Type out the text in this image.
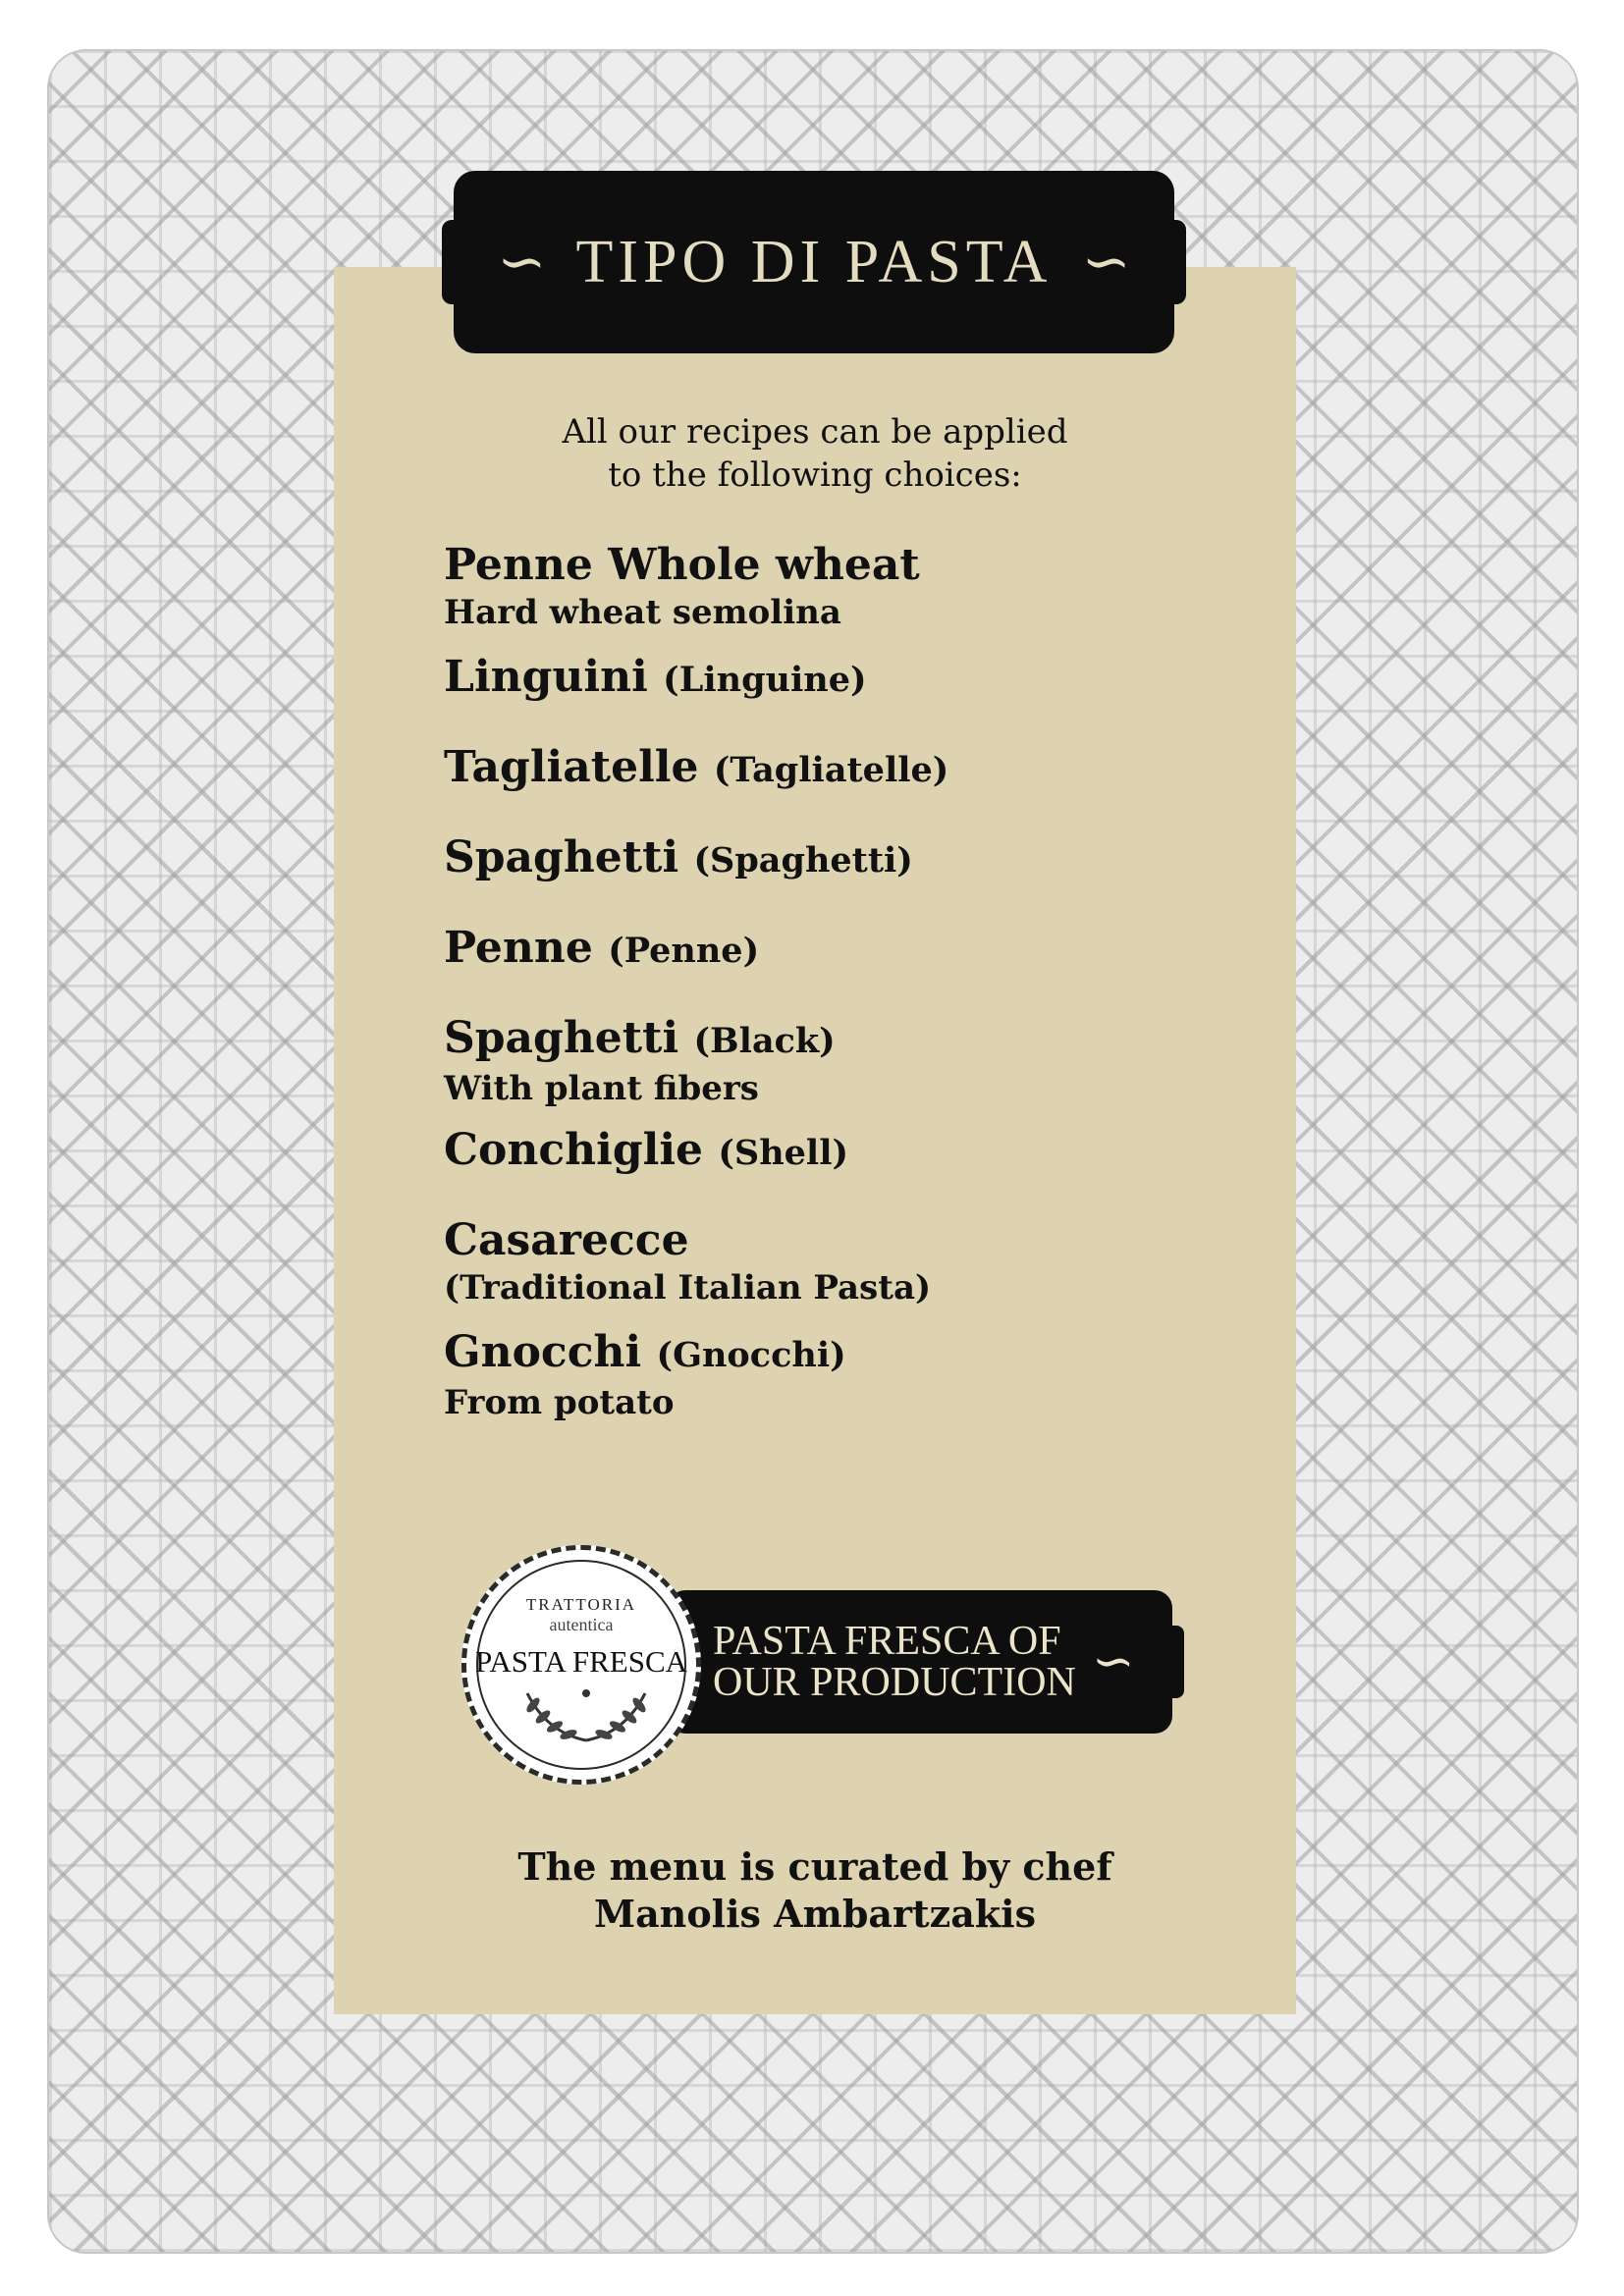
∽ TIPO DI PASTA ∽
All our recipes can be applied
to the following choices:
Penne Whole wheat
Hard wheat semolina
Linguini (Linguine)
Tagliatelle (Tagliatelle)
Spaghetti (Spaghetti)
Penne (Penne)
Spaghetti (Black)
With plant fibers
Conchiglie (Shell)
Casarecce
(Traditional Italian Pasta)
Gnocchi (Gnocchi)
From potato
TRATTORIA
autentica
PASTA FRESCA PASTA FRESCA OF
OUR PRODUCTION ∽
The menu is curated by chef
Manolis Ambartzakis
